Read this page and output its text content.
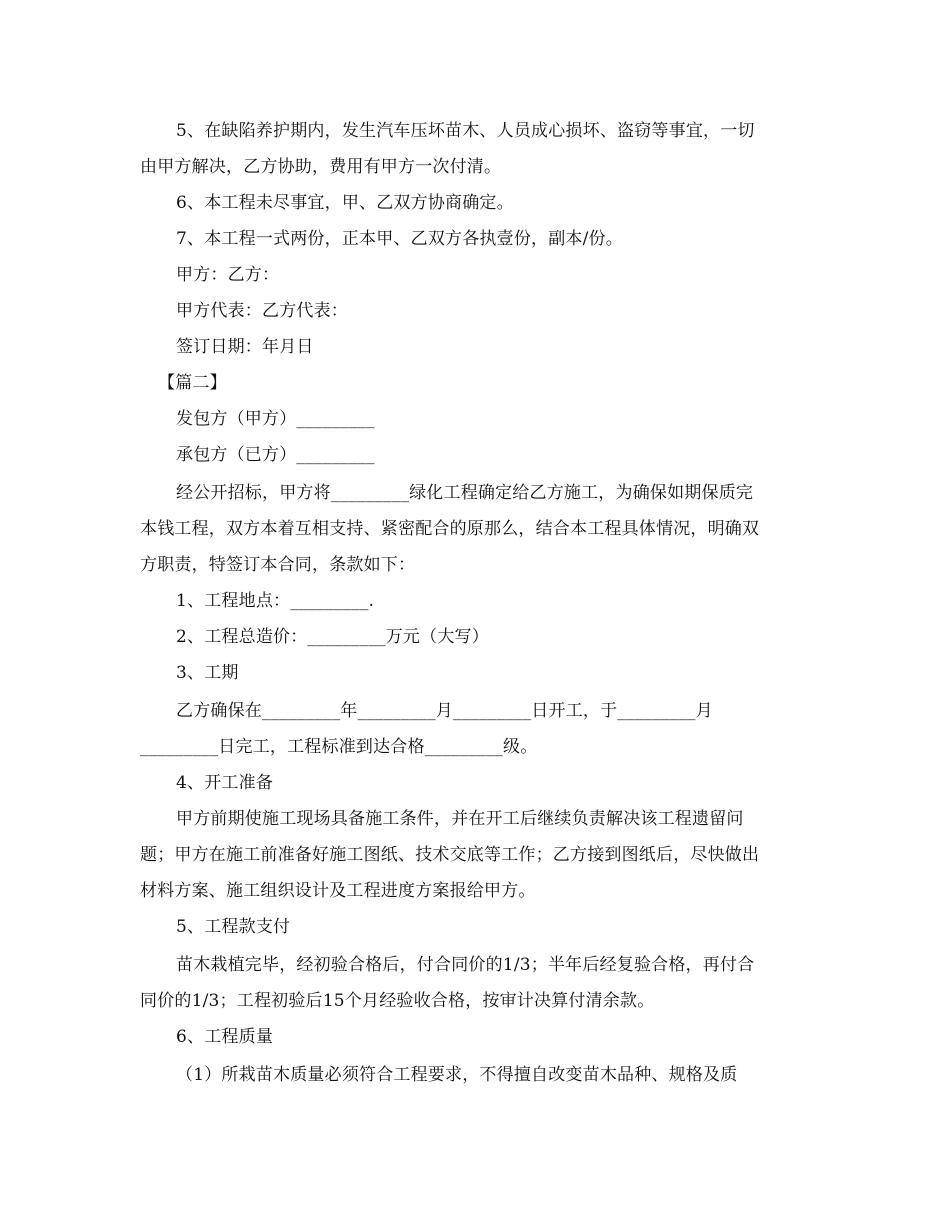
5、在缺陷养护期内，发生汽车压坏苗木、人员成心损坏、盗窃等事宜，一切
由甲方解决，乙方协助，费用有甲方一次付清。
6、本工程未尽事宜，甲、乙双方协商确定。
7、本工程一式两份，正本甲、乙双方各执壹份，副本/份。
甲方：乙方：
甲方代表：乙方代表：
签订日期：年月日
【篇二】
发包方（甲方）_________
承包方（已方）_________
经公开招标，甲方将_________绿化工程确定给乙方施工，为确保如期保质完
本钱工程，双方本着互相支持、紧密配合的原那么，结合本工程具体情况，明确双
方职责，特签订本合同，条款如下：
1、工程地点：_________.
2、工程总造价：_________万元（大写）
3、工期
乙方确保在_________年_________月_________日开工，于_________月
_________日完工，工程标准到达合格_________级。
4、开工准备
甲方前期使施工现场具备施工条件，并在开工后继续负责解决该工程遗留问
题；甲方在施工前准备好施工图纸、技术交底等工作；乙方接到图纸后，尽快做出
材料方案、施工组织设计及工程进度方案报给甲方。
5、工程款支付
苗木栽植完毕，经初验合格后，付合同价的1/3；半年后经复验合格，再付合
同价的1/3；工程初验后15个月经验收合格，按审计决算付清余款。
6、工程质量
（1）所栽苗木质量必须符合工程要求，不得擅自改变苗木品种、规格及质
